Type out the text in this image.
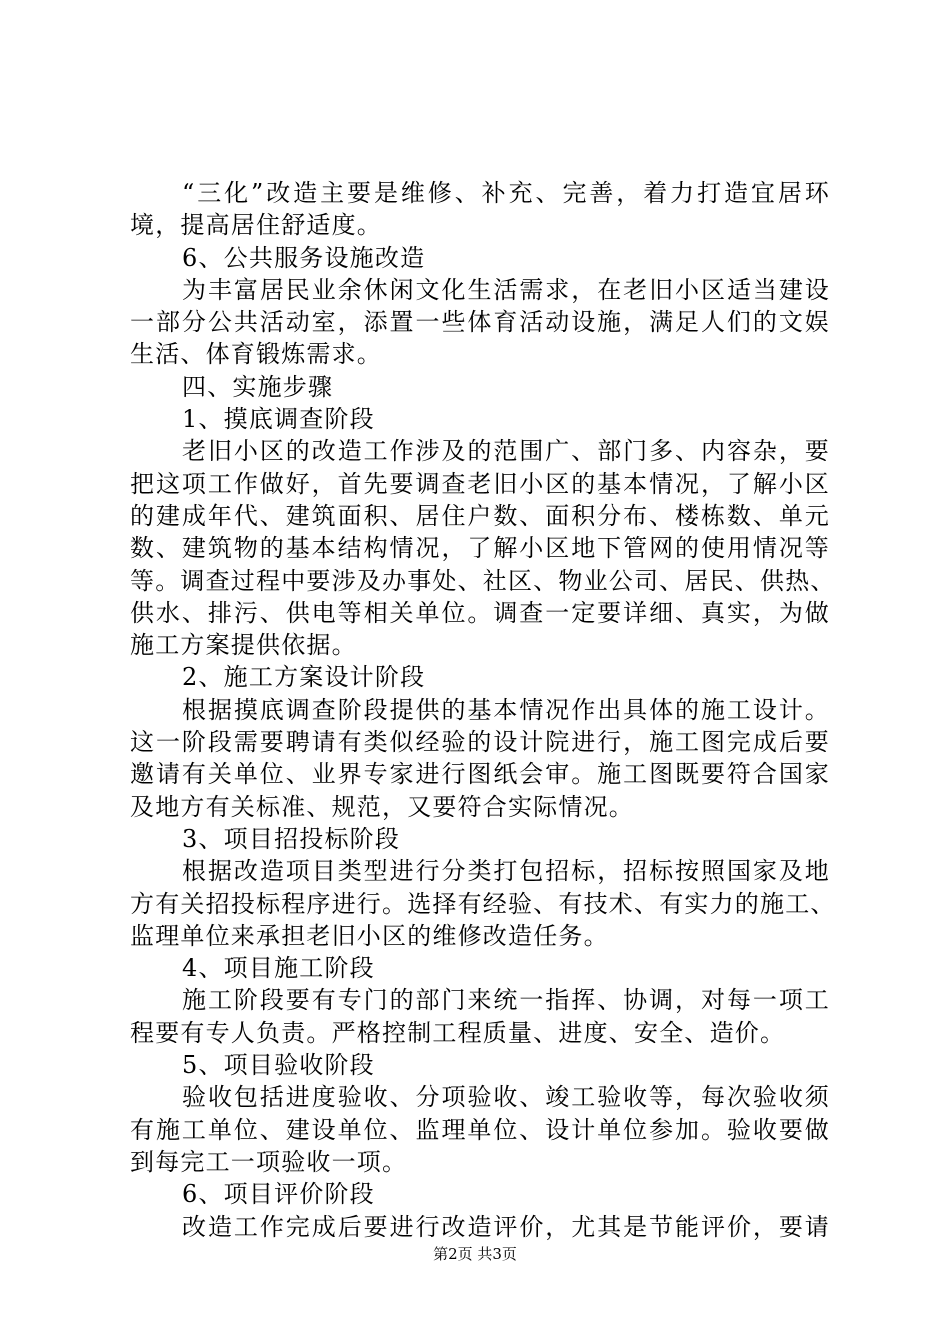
“三化”改造主要是维修、补充、完善，着力打造宜居环
境，提高居住舒适度。
6、公共服务设施改造
为丰富居民业余休闲文化生活需求，在老旧小区适当建设
一部分公共活动室，添置一些体育活动设施，满足人们的文娱
生活、体育锻炼需求。
四、实施步骤
1、摸底调查阶段
老旧小区的改造工作涉及的范围广、部门多、内容杂，要
把这项工作做好，首先要调查老旧小区的基本情况，了解小区
的建成年代、建筑面积、居住户数、面积分布、楼栋数、单元
数、建筑物的基本结构情况，了解小区地下管网的使用情况等
等。调查过程中要涉及办事处、社区、物业公司、居民、供热、
供水、排污、供电等相关单位。调查一定要详细、真实，为做
施工方案提供依据。
2、施工方案设计阶段
根据摸底调查阶段提供的基本情况作出具体的施工设计。
这一阶段需要聘请有类似经验的设计院进行，施工图完成后要
邀请有关单位、业界专家进行图纸会审。施工图既要符合国家
及地方有关标准、规范，又要符合实际情况。
3、项目招投标阶段
根据改造项目类型进行分类打包招标，招标按照国家及地
方有关招投标程序进行。选择有经验、有技术、有实力的施工、
监理单位来承担老旧小区的维修改造任务。
4、项目施工阶段
施工阶段要有专门的部门来统一指挥、协调，对每一项工
程要有专人负责。严格控制工程质量、进度、安全、造价。
5、项目验收阶段
验收包括进度验收、分项验收、竣工验收等，每次验收须
有施工单位、建设单位、监理单位、设计单位参加。验收要做
到每完工一项验收一项。
6、项目评价阶段
改造工作完成后要进行改造评价，尤其是节能评价，要请
第2页 共3页
